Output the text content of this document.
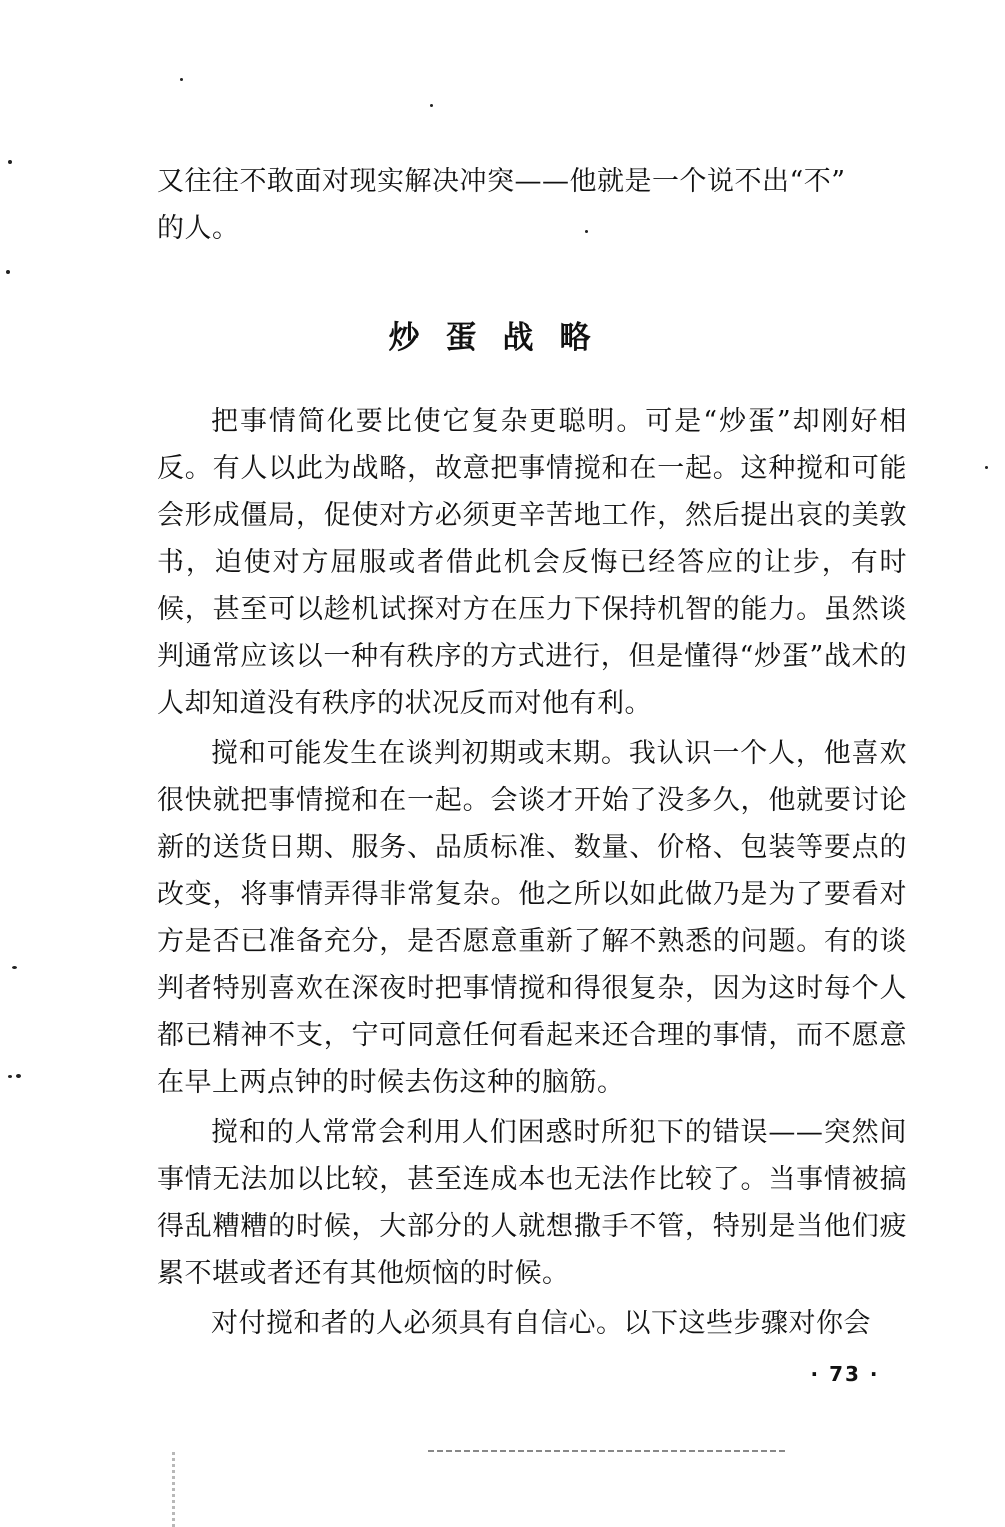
又往往不敢面对现实解决冲突——他就是一个说不出“不”

的人。

炒蛋战略

把事情简化要比使它复杂更聪明。可是“炒蛋”却刚好相反。有人以此为战略，故意把事情搅和在一起。这种搅和可能会形成僵局，促使对方必须更辛苦地工作，然后提出哀的美敦书，迫使对方屈服或者借此机会反悔已经答应的让步，有时候，甚至可以趁机试探对方在压力下保持机智的能力。虽然谈判通常应该以一种有秩序的方式进行，但是懂得“炒蛋”战术的人却知道没有秩序的状况反而对他有利。

搅和可能发生在谈判初期或末期。我认识一个人，他喜欢很快就把事情搅和在一起。会谈才开始了没多久，他就要讨论新的送货日期、服务、品质标准、数量、价格、包装等要点的改变，将事情弄得非常复杂。他之所以如此做乃是为了要看对方是否已准备充分，是否愿意重新了解不熟悉的问题。有的谈判者特别喜欢在深夜时把事情搅和得很复杂，因为这时每个人都已精神不支，宁可同意任何看起来还合理的事情，而不愿意在早上两点钟的时候去伤这种的脑筋。

搅和的人常常会利用人们困惑时所犯下的错误——突然间事情无法加以比较，甚至连成本也无法作比较了。当事情被搞得乱糟糟的时候，大部分的人就想撒手不管，特别是当他们疲累不堪或者还有其他烦恼的时候。

对付搅和者的人必须具有自信心。以下这些步骤对你会

· 73 ·
